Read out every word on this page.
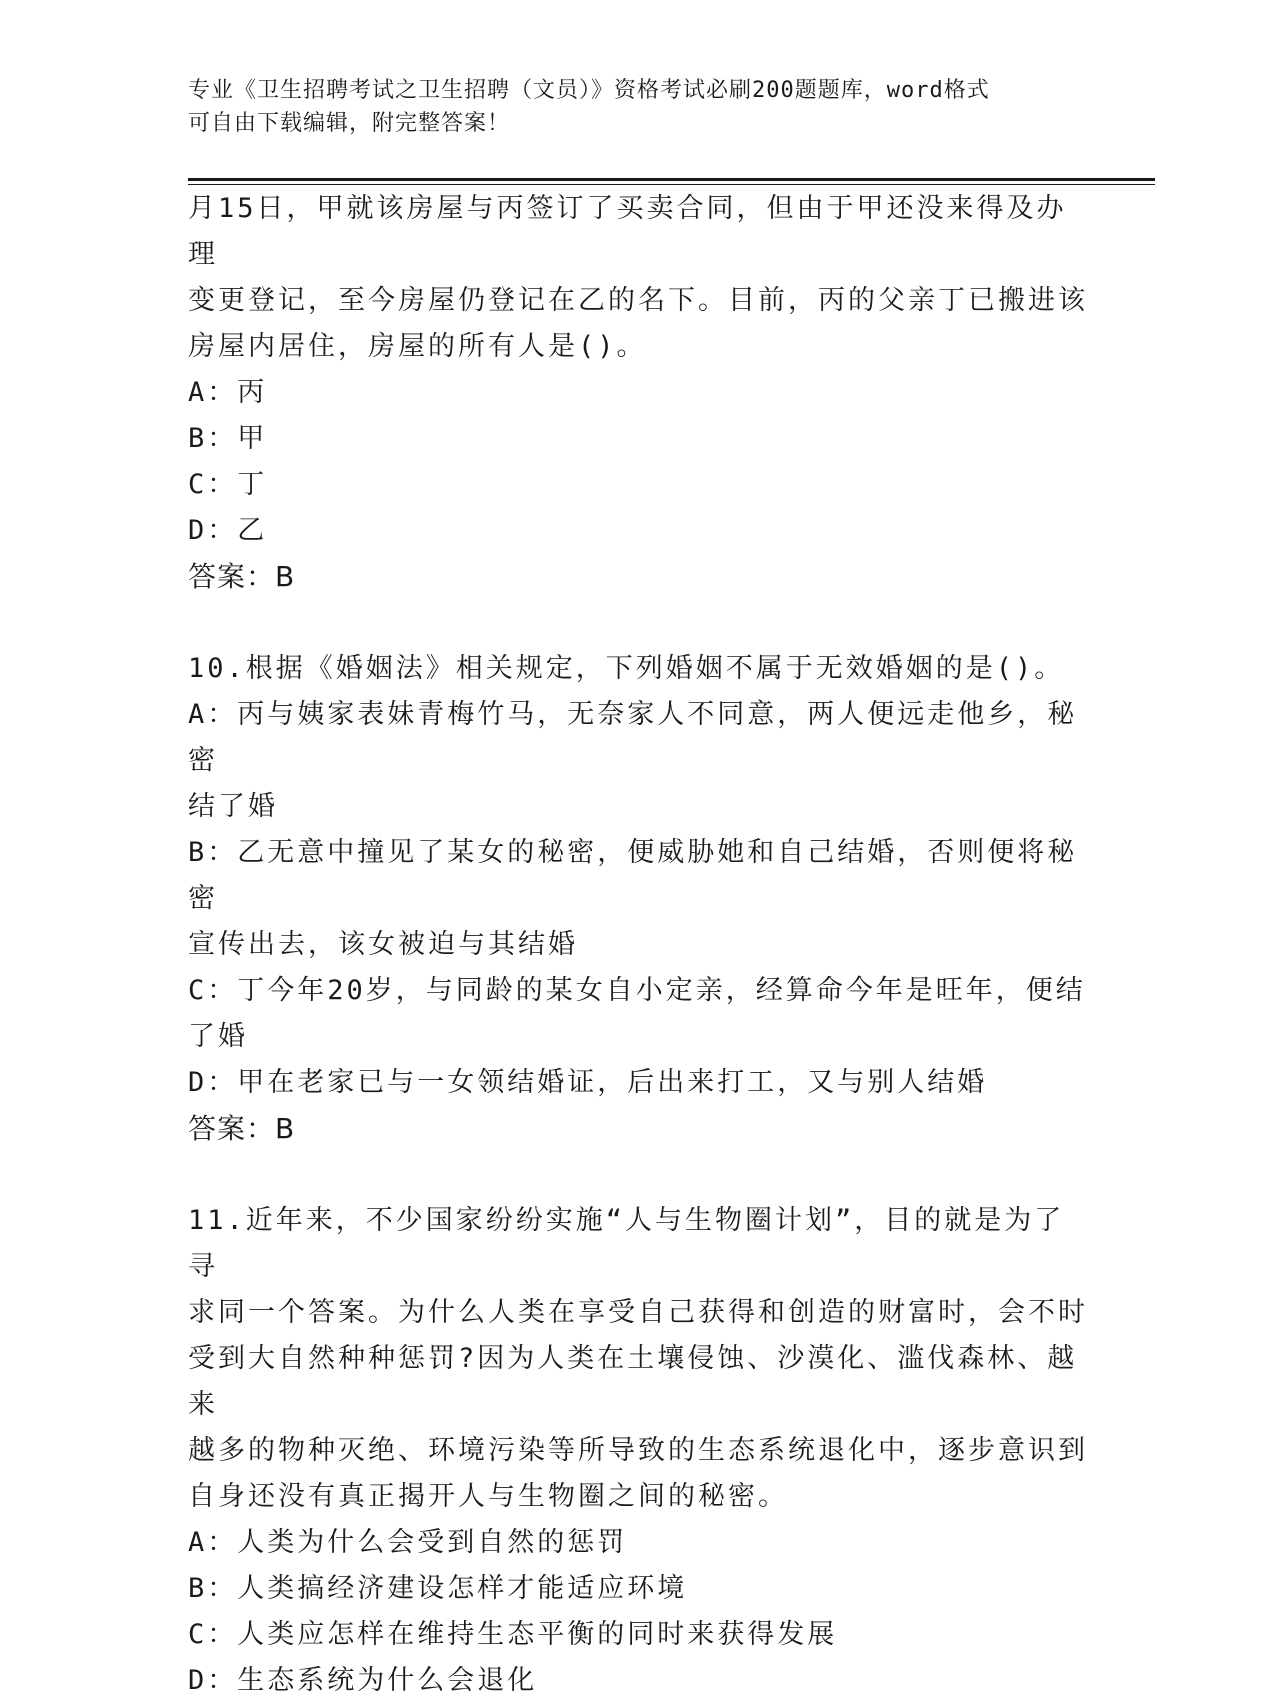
专业《卫生招聘考试之卫生招聘（文员）》资格考试必刷200题题库，word格式
可自由下载编辑，附完整答案！

月15日，甲就该房屋与丙签订了买卖合同，但由于甲还没来得及办理

变更登记，至今房屋仍登记在乙的名下。目前，丙的父亲丁已搬进该

房屋内居住，房屋的所有人是()。

A：丙

B：甲

C：丁

D：乙

答案：B

10.根据《婚姻法》相关规定，下列婚姻不属于无效婚姻的是()。

A：丙与姨家表妹青梅竹马，无奈家人不同意，两人便远走他乡，秘密

结了婚

B：乙无意中撞见了某女的秘密，便威胁她和自己结婚，否则便将秘密

宣传出去，该女被迫与其结婚

C：丁今年20岁，与同龄的某女自小定亲，经算命今年是旺年，便结

了婚

D：甲在老家已与一女领结婚证，后出来打工，又与别人结婚

答案：B

11.近年来，不少国家纷纷实施“人与生物圈计划”，目的就是为了寻

求同一个答案。为什么人类在享受自己获得和创造的财富时，会不时

受到大自然种种惩罚?因为人类在土壤侵蚀、沙漠化、滥伐森林、越来

越多的物种灭绝、环境污染等所导致的生态系统退化中，逐步意识到

自身还没有真正揭开人与生物圈之间的秘密。

A：人类为什么会受到自然的惩罚

B：人类搞经济建设怎样才能适应环境

C：人类应怎样在维持生态平衡的同时来获得发展

D：生态系统为什么会退化
